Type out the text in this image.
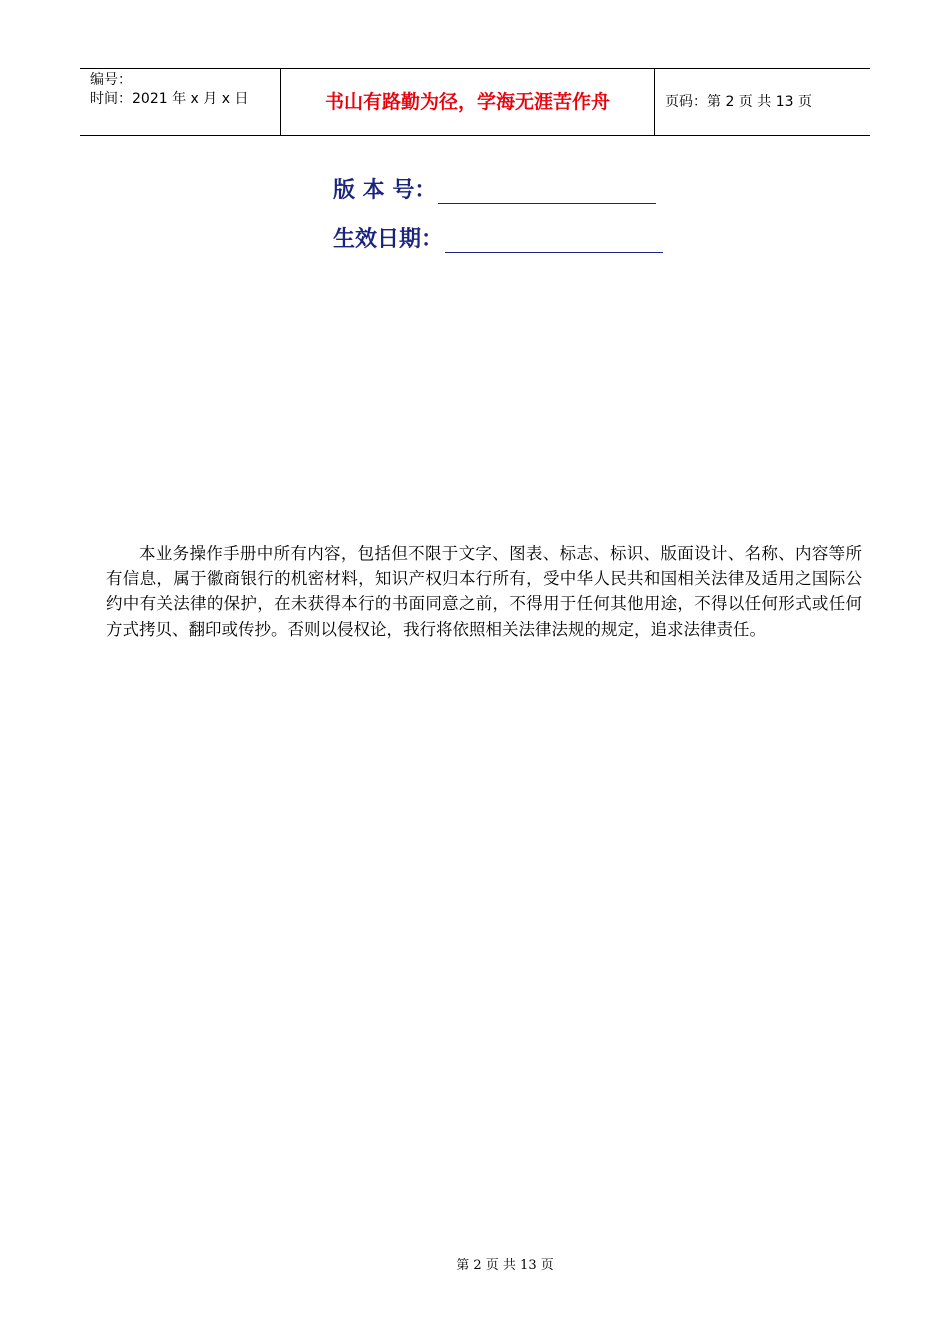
编号：
时间：2021 年 x 月 x 日	书山有路勤为径，学海无涯苦作舟	页码：第 2 页 共 13 页
版 本 号：
生效日期：

本业务操作手册中所有内容，包括但不限于文字、图表、标志、标识、版面设计、名称、内容等所有信息，属于徽商银行的机密材料，知识产权归本行所有，受中华人民共和国相关法律及适用之国际公约中有关法律的保护，在未获得本行的书面同意之前，不得用于任何其他用途，不得以任何形式或任何方式拷贝、翻印或传抄。否则以侵权论，我行将依照相关法律法规的规定，追求法律责任。

第 2 页 共 13 页
